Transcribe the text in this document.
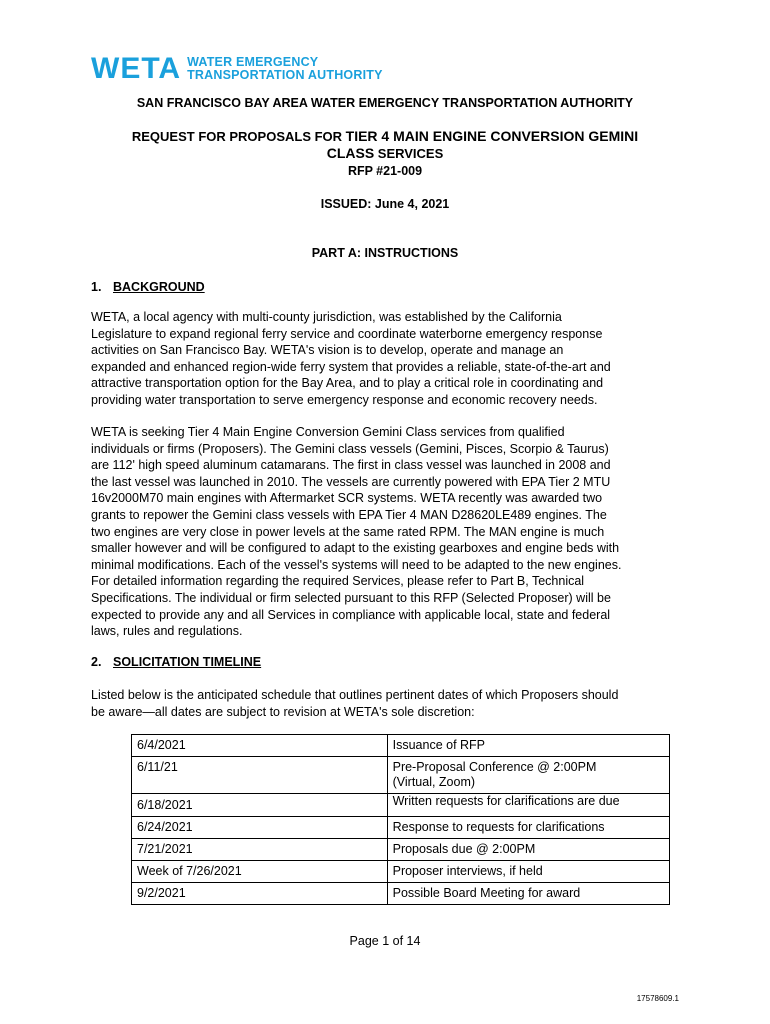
WETA WATER EMERGENCY
TRANSPORTATION AUTHORITY
SAN FRANCISCO BAY AREA WATER EMERGENCY TRANSPORTATION AUTHORITY
REQUEST FOR PROPOSALS FOR TIER 4 MAIN ENGINE CONVERSION GEMINI
CLASS SERVICES
RFP #21-009
ISSUED: June 4, 2021
PART A: INSTRUCTIONS
1. BACKGROUND
WETA, a local agency with multi-county jurisdiction, was established by the California
Legislature to expand regional ferry service and coordinate waterborne emergency response
activities on San Francisco Bay. WETA's vision is to develop, operate and manage an
expanded and enhanced region-wide ferry system that provides a reliable, state-of-the-art and
attractive transportation option for the Bay Area, and to play a critical role in coordinating and
providing water transportation to serve emergency response and economic recovery needs.
WETA is seeking Tier 4 Main Engine Conversion Gemini Class services from qualified
individuals or firms (Proposers). The Gemini class vessels (Gemini, Pisces, Scorpio & Taurus)
are 112' high speed aluminum catamarans. The first in class vessel was launched in 2008 and
the last vessel was launched in 2010. The vessels are currently powered with EPA Tier 2 MTU
16v2000M70 main engines with Aftermarket SCR systems. WETA recently was awarded two
grants to repower the Gemini class vessels with EPA Tier 4 MAN D28620LE489 engines. The
two engines are very close in power levels at the same rated RPM. The MAN engine is much
smaller however and will be configured to adapt to the existing gearboxes and engine beds with
minimal modifications. Each of the vessel's systems will need to be adapted to the new engines.
For detailed information regarding the required Services, please refer to Part B, Technical
Specifications. The individual or firm selected pursuant to this RFP (Selected Proposer) will be
expected to provide any and all Services in compliance with applicable local, state and federal
laws, rules and regulations.
2. SOLICITATION TIMELINE
Listed below is the anticipated schedule that outlines pertinent dates of which Proposers should
be aware—all dates are subject to revision at WETA's sole discretion:
6/4/2021	Issuance of RFP
6/11/21	Pre-Proposal Conference @ 2:00PM
(Virtual, Zoom)
6/18/2021	Written requests for clarifications are due
6/24/2021	Response to requests for clarifications
7/21/2021	Proposals due @ 2:00PM
Week of 7/26/2021	Proposer interviews, if held
9/2/2021	Possible Board Meeting for award
Page 1 of 14
17578609.1
